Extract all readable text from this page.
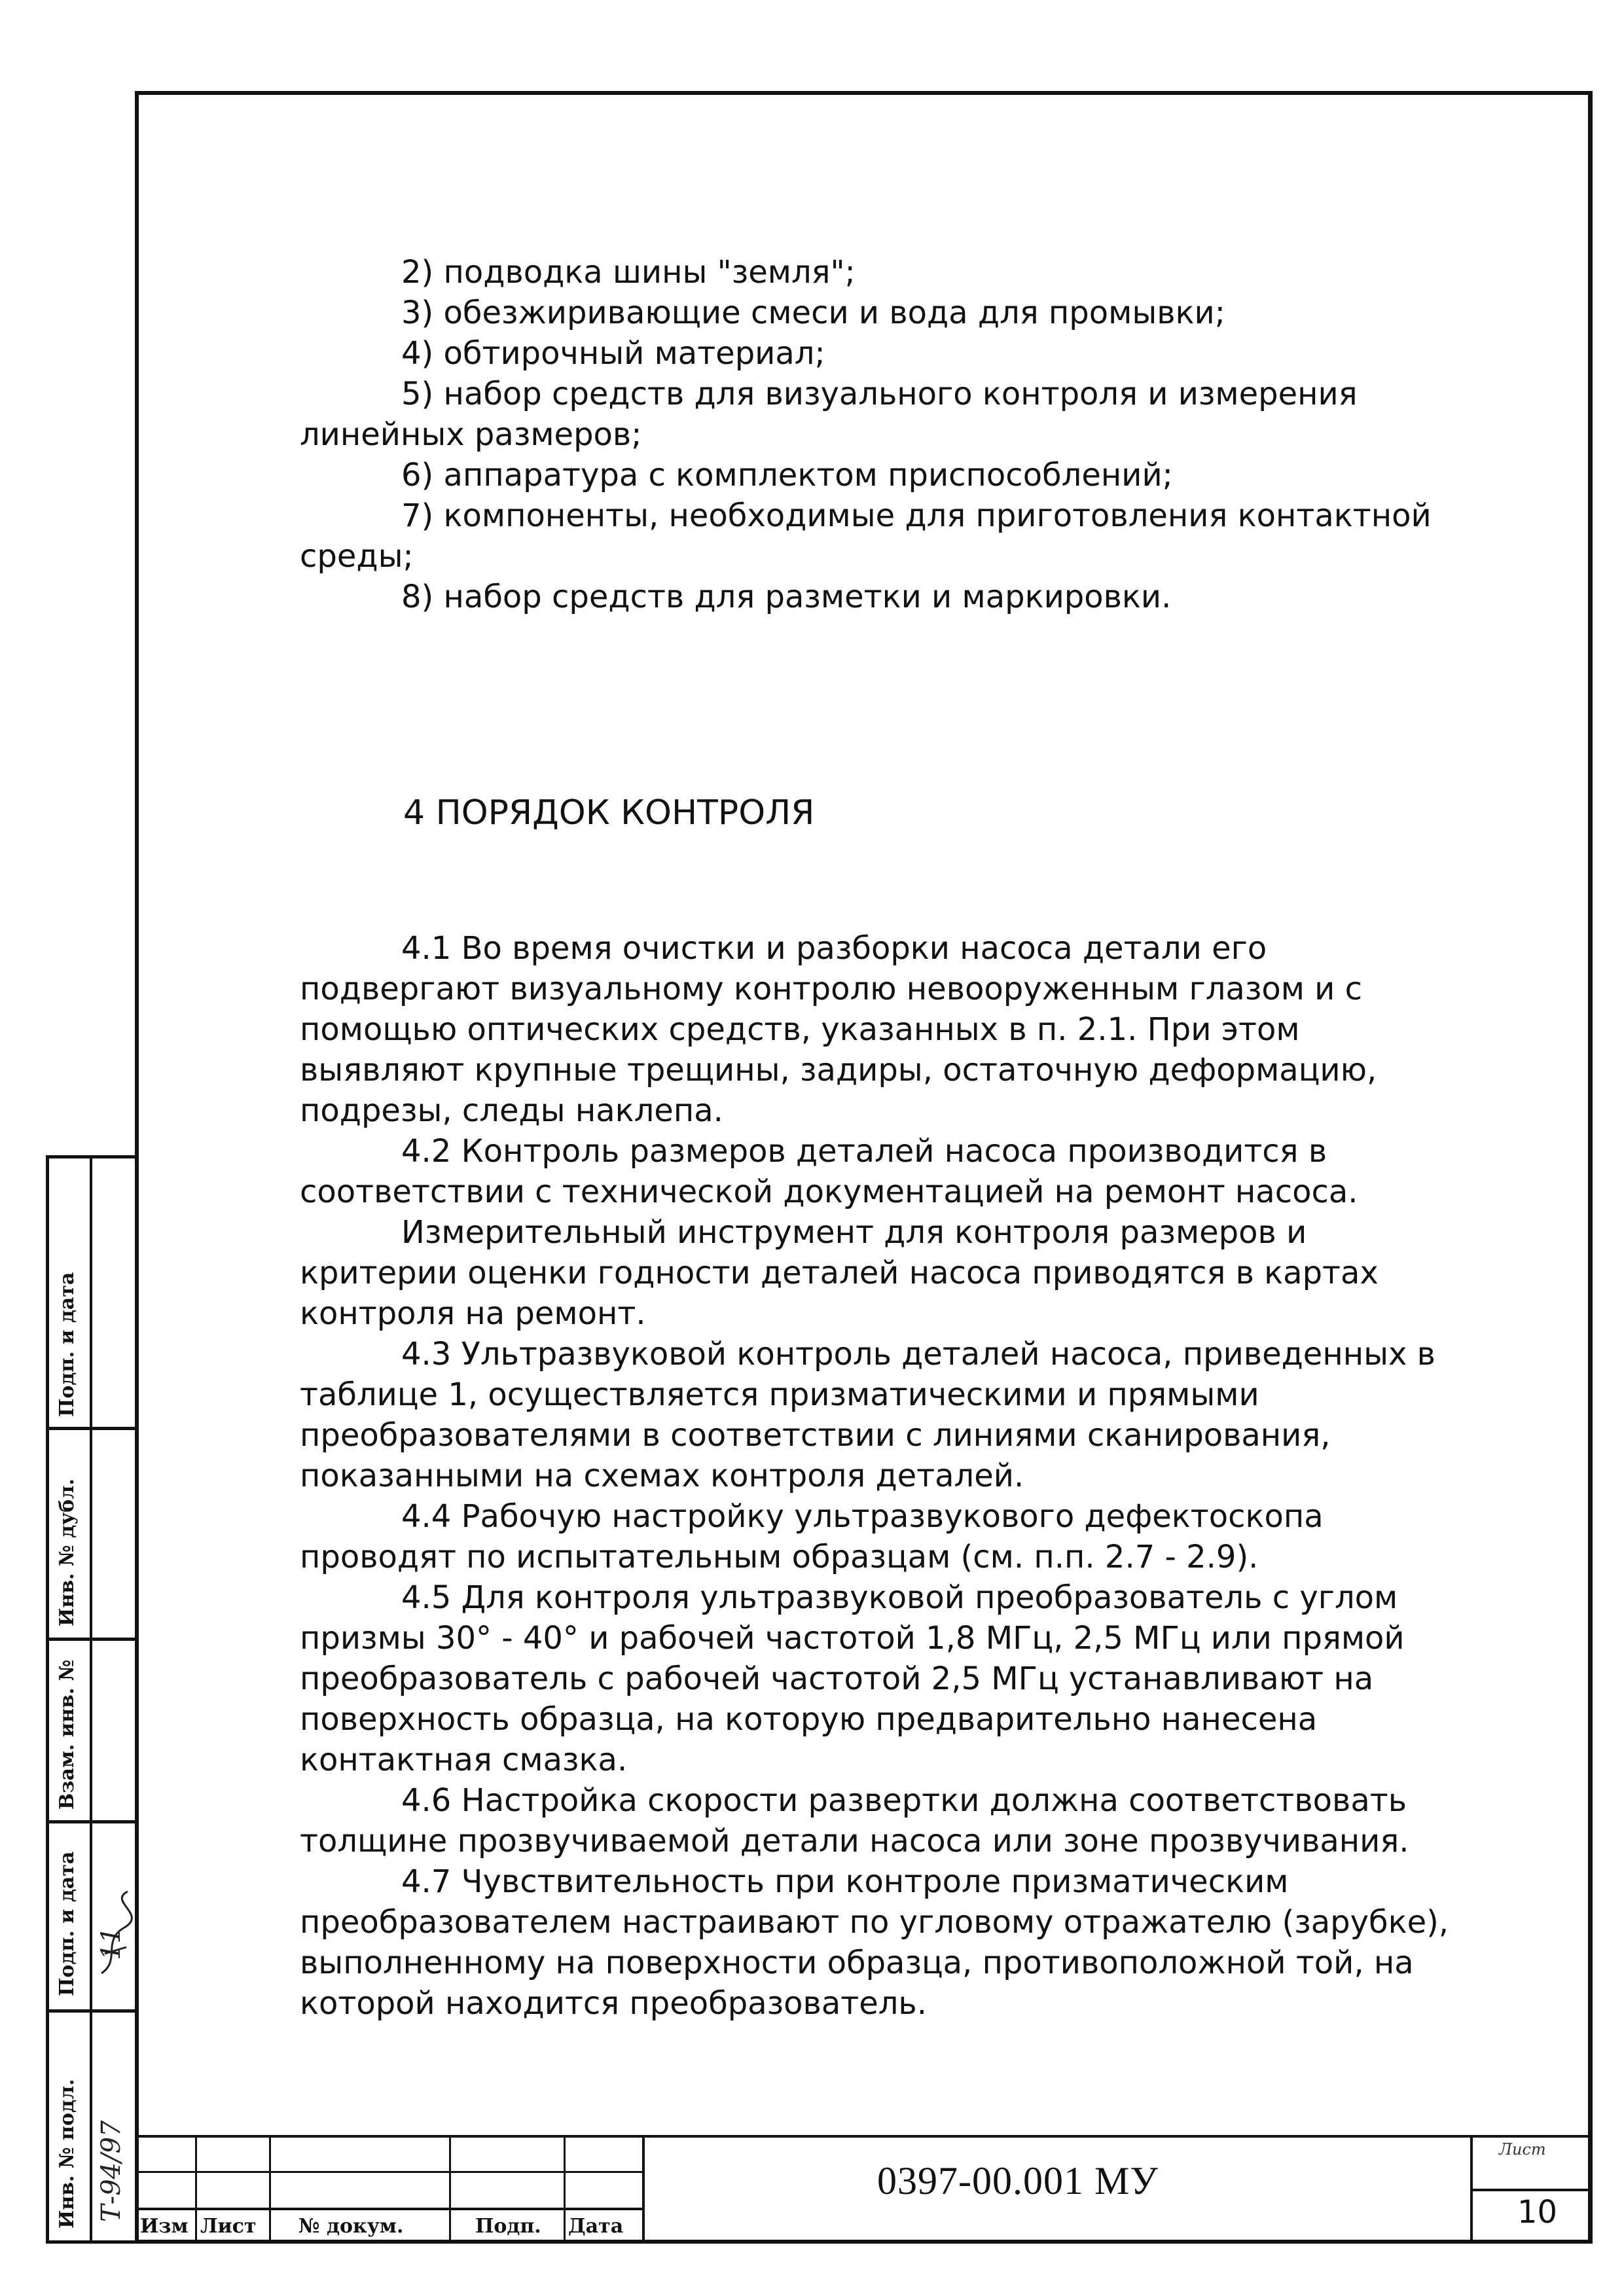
2) подводка шины "земля";

3) обезжиривающие смеси и вода для промывки;

4) обтирочный материал;

5) набор средств для визуального контроля и измерения линейных размеров;

6) аппаратура с комплектом приспособлений;

7) компоненты, необходимые для приготовления контактной среды;

8) набор средств для разметки и маркировки.

4 ПОРЯДОК КОНТРОЛЯ

4.1 Во время очистки и разборки насоса детали его подвергают визуальному контролю невооруженным глазом и с помощью оптических средств, указанных в п. 2.1. При этом выявляют крупные трещины, задиры, остаточную деформацию, подрезы, следы наклепа.

4.2 Контроль размеров деталей насоса производится в соответствии с технической документацией на ремонт насоса.

Измерительный инструмент для контроля размеров и критерии оценки годности деталей насоса приводятся в картах контроля на ремонт.

4.3 Ультразвуковой контроль деталей насоса, приведенных в таблице 1, осуществляется призматическими и прямыми преобразователями в соответствии с линиями сканирования, показанными на схемах контроля деталей.

4.4 Рабочую настройку ультразвукового дефектоскопа проводят по испытательным образцам (см. п.п. 2.7 - 2.9).

4.5 Для контроля ультразвуковой преобразователь с углом призмы 30° - 40° и рабочей частотой 1,8 МГц, 2,5 МГц или прямой преобразователь с рабочей частотой 2,5 МГц устанавливают на поверхность образца, на которую предварительно нанесена контактная смазка.

4.6 Настройка скорости развертки должна соответствовать толщине прозвучиваемой детали насоса или зоне прозвучивания.

4.7 Чувствительность при контроле призматическим преобразователем настраивают по угловому отражателю (зарубке), выполненному на поверхности образца, противоположной той, на которой находится преобразователь.

Инв. № подл.
Подп. и дата
Взам. инв. №
Инв. № дубл.
Подп. и дата
Т-94/97
11
Изм Лист № докум.	Подп. Дата
0397-00.001 МУ
Лист
10
